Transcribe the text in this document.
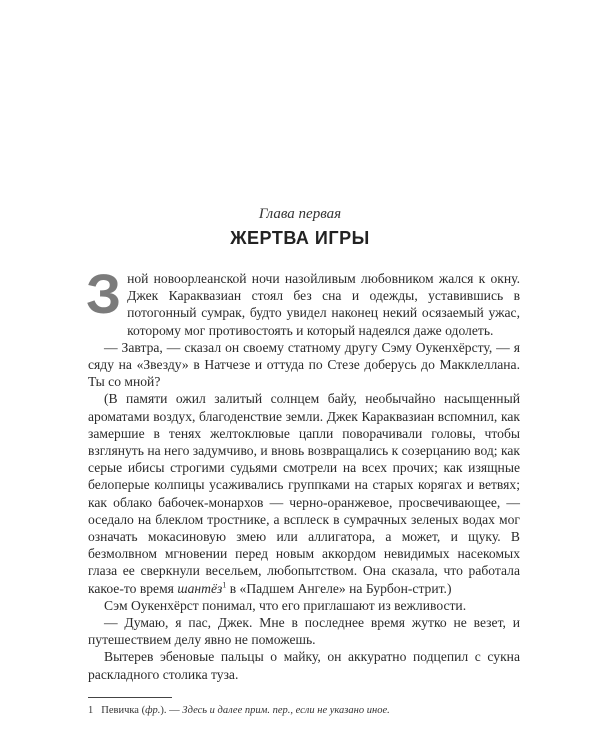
Глава первая
ЖЕРТВА ИГРЫ

Зной новоорлеанской ночи назойливым любовником жался к окну. Джек Караквазиан стоял без сна и одежды, уставившись в потогонный сумрак, будто увидел наконец некий осязаемый ужас, которому мог противостоять и который надеялся даже одолеть.

— Завтра, — сказал он своему статному другу Сэму Оукенхёрсту, — я сяду на «Звезду» в Натчезе и оттуда по Стезе доберусь до Макклеллана. Ты со мной?

(В памяти ожил залитый солнцем байу, необычайно насыщенный ароматами воздух, благоденствие земли. Джек Караквазиан вспомнил, как замершие в тенях желтоклювые цапли поворачивали головы, чтобы взглянуть на него задумчиво, и вновь возвращались к созерцанию вод; как серые ибисы строгими судьями смотрели на всех прочих; как изящные белоперые колпицы усаживались группками на старых корягах и ветвях; как облако бабочек-монархов — черно-оранжевое, просвечивающее, — оседало на блеклом тростнике, а всплеск в сумрачных зеленых водах мог означать мокасиновую змею или аллигатора, а может, и щуку. В безмолвном мгновении перед новым аккордом невидимых насекомых глаза ее сверкнули весельем, любопытством. Она сказала, что работала какое-то время шантёз$^1$ в «Падшем Ангеле» на Бурбон-стрит.)

Сэм Оукенхёрст понимал, что его приглашают из вежливости.

— Думаю, я пас, Джек. Мне в последнее время жутко не везет, и путешествием делу явно не поможешь.

Вытерев эбеновые пальцы о майку, он аккуратно подцепил с сукна раскладного столика туза.

1 Певичка (фр.). — Здесь и далее прим. пер., если не указано иное.
